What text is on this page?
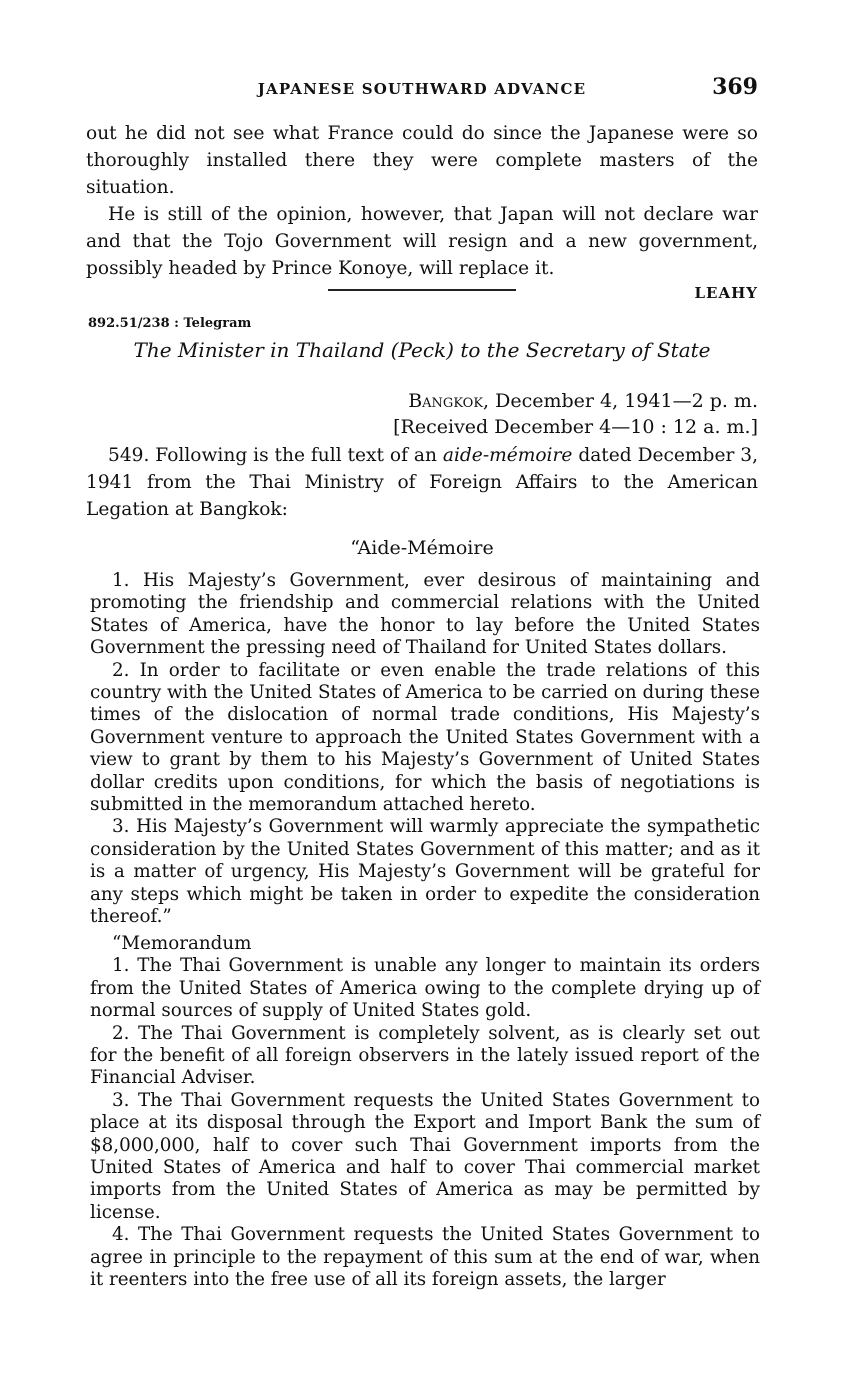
JAPANESE SOUTHWARD ADVANCE	369

out he did not see what France could do since the Japanese were so thoroughly installed there they were complete masters of the situation.

He is still of the opinion, however, that Japan will not declare war and that the Tojo Government will resign and a new government, possibly headed by Prince Konoye, will replace it.

LEAHY
892.51/238 : Telegram
The Minister in Thailand (Peck) to the Secretary of State
Bangkok, December 4, 1941—2 p. m.
[Received December 4—10 : 12 a. m.]

549. Following is the full text of an aide-mémoire dated December 3, 1941 from the Thai Ministry of Foreign Affairs to the American Legation at Bangkok:

“Aide-Mémoire

1. His Majesty’s Government, ever desirous of maintaining and promoting the friendship and commercial relations with the United States of America, have the honor to lay before the United States Government the pressing need of Thailand for United States dollars.

2. In order to facilitate or even enable the trade relations of this country with the United States of America to be carried on during these times of the dislocation of normal trade conditions, His Majesty’s Government venture to approach the United States Government with a view to grant by them to his Majesty’s Government of United States dollar credits upon conditions, for which the basis of negotiations is submitted in the memorandum attached hereto.

3. His Majesty’s Government will warmly appreciate the sympathetic consideration by the United States Government of this matter; and as it is a matter of urgency, His Majesty’s Government will be grateful for any steps which might be taken in order to expedite the consideration thereof.”

“Memorandum

1. The Thai Government is unable any longer to maintain its orders from the United States of America owing to the complete drying up of normal sources of supply of United States gold.

2. The Thai Government is completely solvent, as is clearly set out for the benefit of all foreign observers in the lately issued report of the Financial Adviser.

3. The Thai Government requests the United States Government to place at its disposal through the Export and Import Bank the sum of $8,000,000, half to cover such Thai Government imports from the United States of America and half to cover Thai commercial market imports from the United States of America as may be permitted by license.

4. The Thai Government requests the United States Government to agree in principle to the repayment of this sum at the end of war, when it reenters into the free use of all its foreign assets, the larger
